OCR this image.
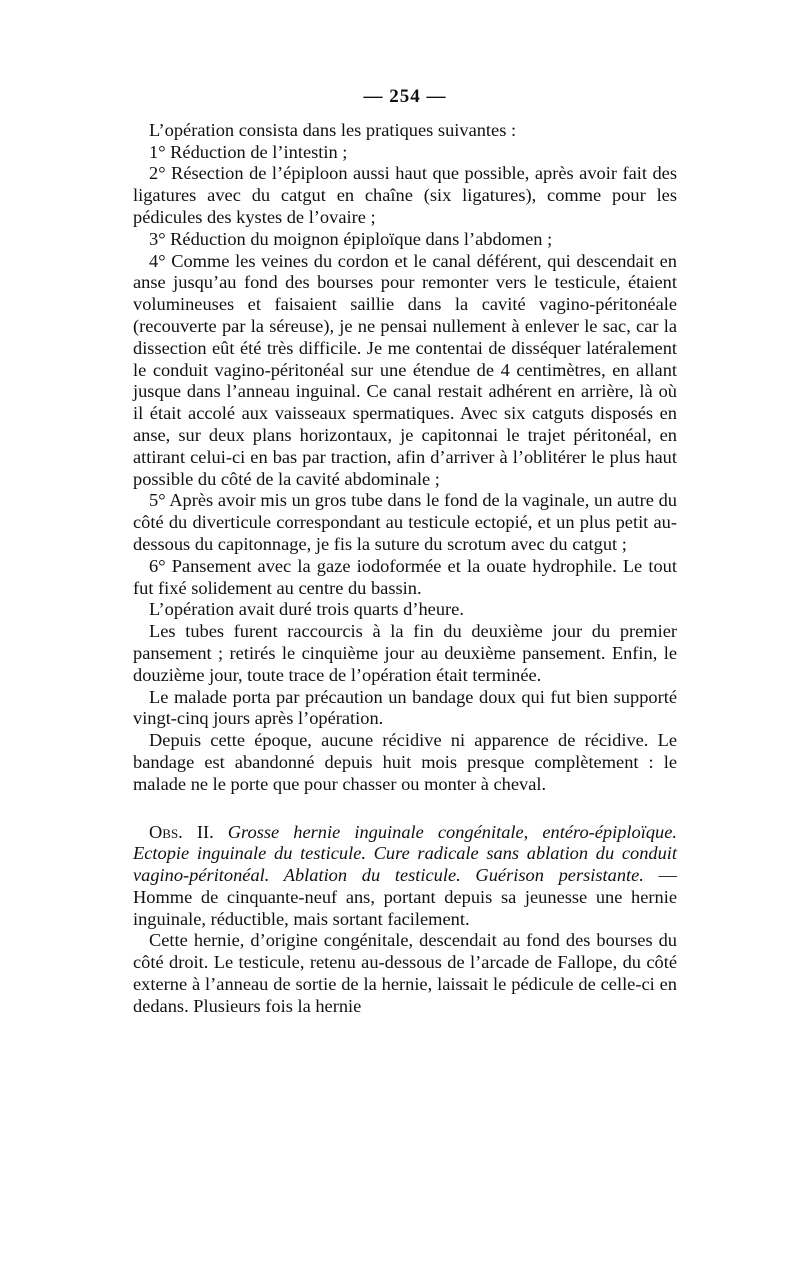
— 254 —

L’opération consista dans les pratiques suivantes :

1° Réduction de l’intestin ;

2° Résection de l’épiploon aussi haut que possible, après avoir fait des ligatures avec du catgut en chaîne (six ligatures), comme pour les pédicules des kystes de l’ovaire ;

3° Réduction du moignon épiploïque dans l’abdomen ;

4° Comme les veines du cordon et le canal déférent, qui descendait en anse jusqu’au fond des bourses pour remonter vers le testicule, étaient volumineuses et faisaient saillie dans la cavité vagino-péritonéale (recouverte par la séreuse), je ne pensai nullement à enlever le sac, car la dissection eût été très difficile. Je me contentai de disséquer latéralement le conduit vagino-péritonéal sur une étendue de 4 centimètres, en allant jusque dans l’anneau inguinal. Ce canal restait adhérent en arrière, là où il était accolé aux vaisseaux spermatiques. Avec six catguts disposés en anse, sur deux plans horizontaux, je capitonnai le trajet péritonéal, en attirant celui-ci en bas par traction, afin d’arriver à l’oblitérer le plus haut possible du côté de la cavité abdominale ;

5° Après avoir mis un gros tube dans le fond de la vaginale, un autre du côté du diverticule correspondant au testicule ectopié, et un plus petit au-dessous du capitonnage, je fis la suture du scrotum avec du catgut ;

6° Pansement avec la gaze iodoformée et la ouate hydrophile. Le tout fut fixé solidement au centre du bassin.

L’opération avait duré trois quarts d’heure.

Les tubes furent raccourcis à la fin du deuxième jour du premier pansement ; retirés le cinquième jour au deuxième pansement. Enfin, le douzième jour, toute trace de l’opération était terminée.

Le malade porta par précaution un bandage doux qui fut bien supporté vingt-cinq jours après l’opération.

Depuis cette époque, aucune récidive ni apparence de récidive. Le bandage est abandonné depuis huit mois presque complètement : le malade ne le porte que pour chasser ou monter à cheval.

Obs. II. Grosse hernie inguinale congénitale, entéro-épiploïque. Ectopie inguinale du testicule. Cure radicale sans ablation du conduit vagino-péritonéal. Ablation du testicule. Guérison persistante. — Homme de cinquante-neuf ans, portant depuis sa jeunesse une hernie inguinale, réductible, mais sortant facilement.

Cette hernie, d’origine congénitale, descendait au fond des bourses du côté droit. Le testicule, retenu au-dessous de l’arcade de Fallope, du côté externe à l’anneau de sortie de la hernie, laissait le pédicule de celle-ci en dedans. Plusieurs fois la hernie
